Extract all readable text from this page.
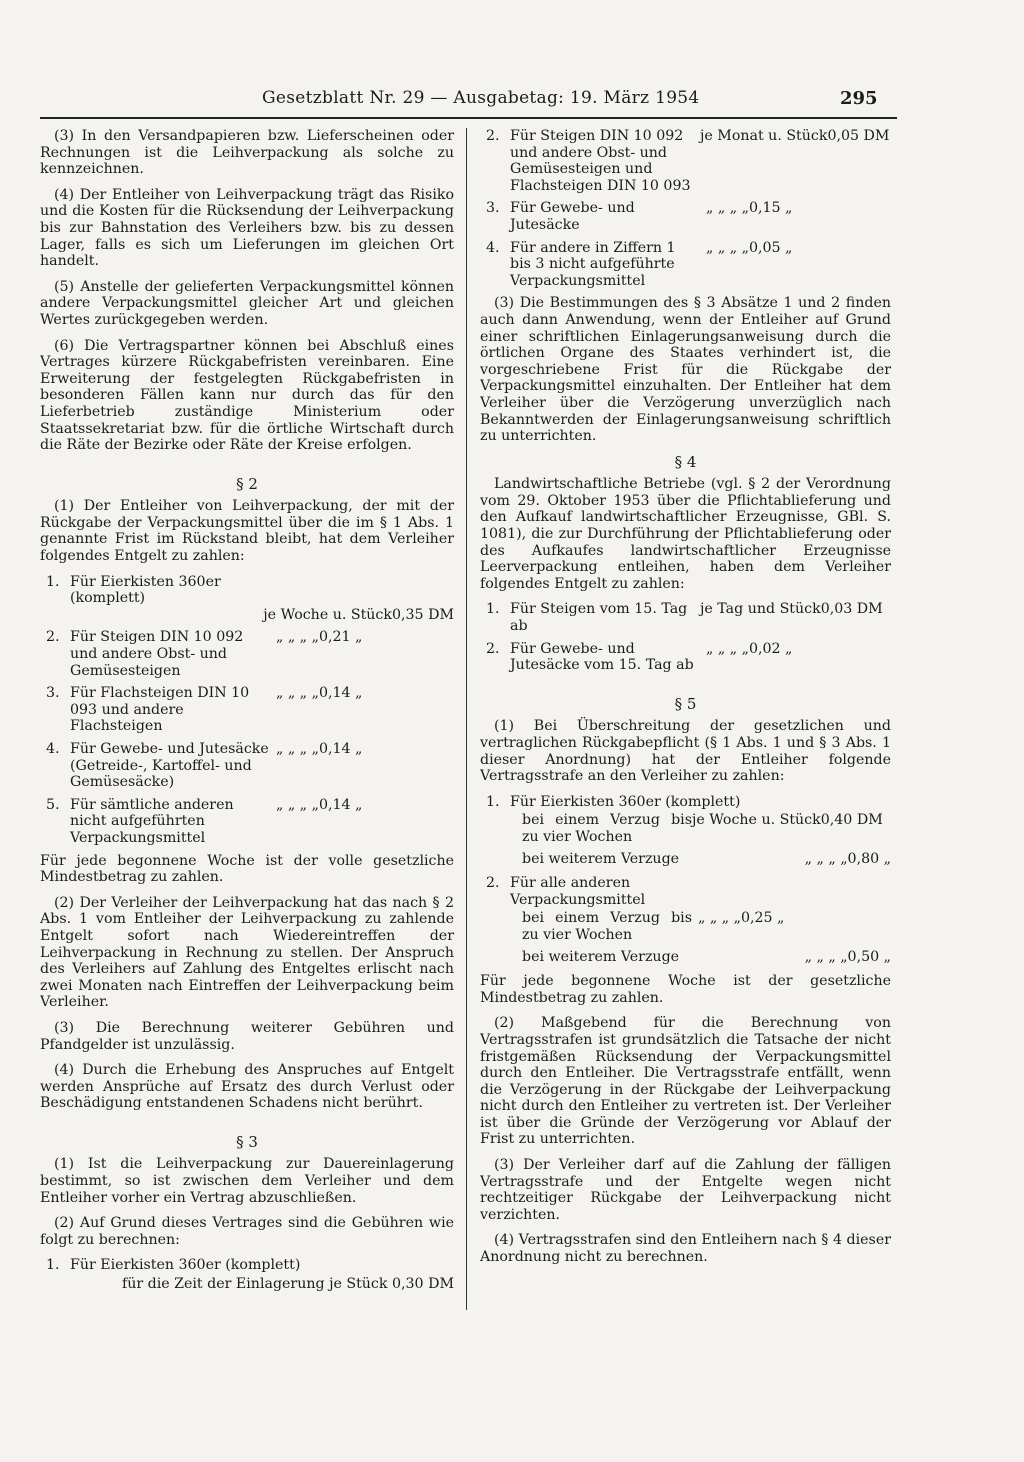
Gesetzblatt Nr. 29 — Ausgabetag: 19. März 1954	295

(3) In den Versandpapieren bzw. Lieferscheinen oder Rechnungen ist die Leihverpackung als solche zu kennzeichnen.

(4) Der Entleiher von Leihverpackung trägt das Risiko und die Kosten für die Rücksendung der Leihverpackung bis zur Bahnstation des Verleihers bzw. bis zu dessen Lager, falls es sich um Lieferungen im gleichen Ort handelt.

(5) Anstelle der gelieferten Verpackungsmittel können andere Verpackungsmittel gleicher Art und gleichen Wertes zurückgegeben werden.

(6) Die Vertragspartner können bei Abschluß eines Vertrages kürzere Rückgabefristen vereinbaren. Eine Erweiterung der festgelegten Rückgabefristen in besonderen Fällen kann nur durch das für den Lieferbetrieb zuständige Ministerium oder Staatssekretariat bzw. für die örtliche Wirtschaft durch die Räte der Bezirke oder Räte der Kreise erfolgen.

§ 2

(1) Der Entleiher von Leihverpackung, der mit der Rückgabe der Verpackungsmittel über die im § 1 Abs. 1 genannte Frist im Rückstand bleibt, hat dem Verleiher folgendes Entgelt zu zahlen:

1. Für Eierkisten 360er (komplett)
je Woche u. Stück 0,35 DM
2. Für Steigen DIN 10 092 und andere Obst- und Gemüsesteigen
„ „ „ „ 0,21 „
3. Für Flachsteigen DIN 10 093 und andere Flachsteigen
„ „ „ „ 0,14 „
4. Für Gewebe- und Jutesäcke (Getreide-, Kartoffel- und Gemüsesäcke)
„ „ „ „ 0,14 „
5. Für sämtliche anderen nicht aufgeführten Verpackungsmittel
„ „ „ „ 0,14 „

Für jede begonnene Woche ist der volle gesetzliche Mindestbetrag zu zahlen.

(2) Der Verleiher der Leihverpackung hat das nach § 2 Abs. 1 vom Entleiher der Leihverpackung zu zahlende Entgelt sofort nach Wiedereintreffen der Leihverpackung in Rechnung zu stellen. Der Anspruch des Verleihers auf Zahlung des Entgeltes erlischt nach zwei Monaten nach Eintreffen der Leihverpackung beim Verleiher.

(3) Die Berechnung weiterer Gebühren und Pfandgelder ist unzulässig.

(4) Durch die Erhebung des Anspruches auf Entgelt werden Ansprüche auf Ersatz des durch Verlust oder Beschädigung entstandenen Schadens nicht berührt.

§ 3

(1) Ist die Leihverpackung zur Dauereinlagerung bestimmt, so ist zwischen dem Verleiher und dem Entleiher vorher ein Vertrag abzuschließen.

(2) Auf Grund dieses Vertrages sind die Gebühren wie folgt zu berechnen:

1. Für Eierkisten 360er (komplett)
für die Zeit der Einlagerung je Stück 0,30 DM
2. Für Steigen DIN 10 092 und andere Obst- und Gemüsesteigen und Flachsteigen DIN 10 093
je Monat u. Stück 0,05 DM
3. Für Gewebe- und Jutesäcke
„ „ „ „ 0,15 „
4. Für andere in Ziffern 1 bis 3 nicht aufgeführte Verpackungsmittel
„ „ „ „ 0,05 „

(3) Die Bestimmungen des § 3 Absätze 1 und 2 finden auch dann Anwendung, wenn der Entleiher auf Grund einer schriftlichen Einlagerungsanweisung durch die örtlichen Organe des Staates verhindert ist, die vorgeschriebene Frist für die Rückgabe der Verpackungsmittel einzuhalten. Der Entleiher hat dem Verleiher über die Verzögerung unverzüglich nach Bekanntwerden der Einlagerungsanweisung schriftlich zu unterrichten.

§ 4

Landwirtschaftliche Betriebe (vgl. § 2 der Verordnung vom 29. Oktober 1953 über die Pflichtablieferung und den Aufkauf landwirtschaftlicher Erzeugnisse, GBl. S. 1081), die zur Durchführung der Pflichtablieferung oder des Aufkaufes landwirtschaftlicher Erzeugnisse Leerverpackung entleihen, haben dem Verleiher folgendes Entgelt zu zahlen:

1. Für Steigen vom 15. Tag ab
je Tag und Stück 0,03 DM
2. Für Gewebe- und Jutesäcke vom 15. Tag ab
„ „ „ „ 0,02 „
§ 5

(1) Bei Überschreitung der gesetzlichen und vertraglichen Rückgabepflicht (§ 1 Abs. 1 und § 3 Abs. 1 dieser Anordnung) hat der Entleiher folgende Vertragsstrafe an den Verleiher zu zahlen:

1. Für Eierkisten 360er (komplett)
bei einem Verzug bis zu vier Wochen
je Woche u. Stück 0,40 DM
bei weiterem Verzuge	„ „ „ „ 0,80 „
2. Für alle anderen Verpackungsmittel
bei einem Verzug bis zu vier Wochen
„ „ „ „ 0,25 „
bei weiterem Verzuge	„ „ „ „ 0,50 „

Für jede begonnene Woche ist der gesetzliche Mindestbetrag zu zahlen.

(2) Maßgebend für die Berechnung von Vertragsstrafen ist grundsätzlich die Tatsache der nicht fristgemäßen Rücksendung der Verpackungsmittel durch den Entleiher. Die Vertragsstrafe entfällt, wenn die Verzögerung in der Rückgabe der Leihverpackung nicht durch den Entleiher zu vertreten ist. Der Verleiher ist über die Gründe der Verzögerung vor Ablauf der Frist zu unterrichten.

(3) Der Verleiher darf auf die Zahlung der fälligen Vertragsstrafe und der Entgelte wegen nicht rechtzeitiger Rückgabe der Leihverpackung nicht verzichten.

(4) Vertragsstrafen sind den Entleihern nach § 4 dieser Anordnung nicht zu berechnen.
